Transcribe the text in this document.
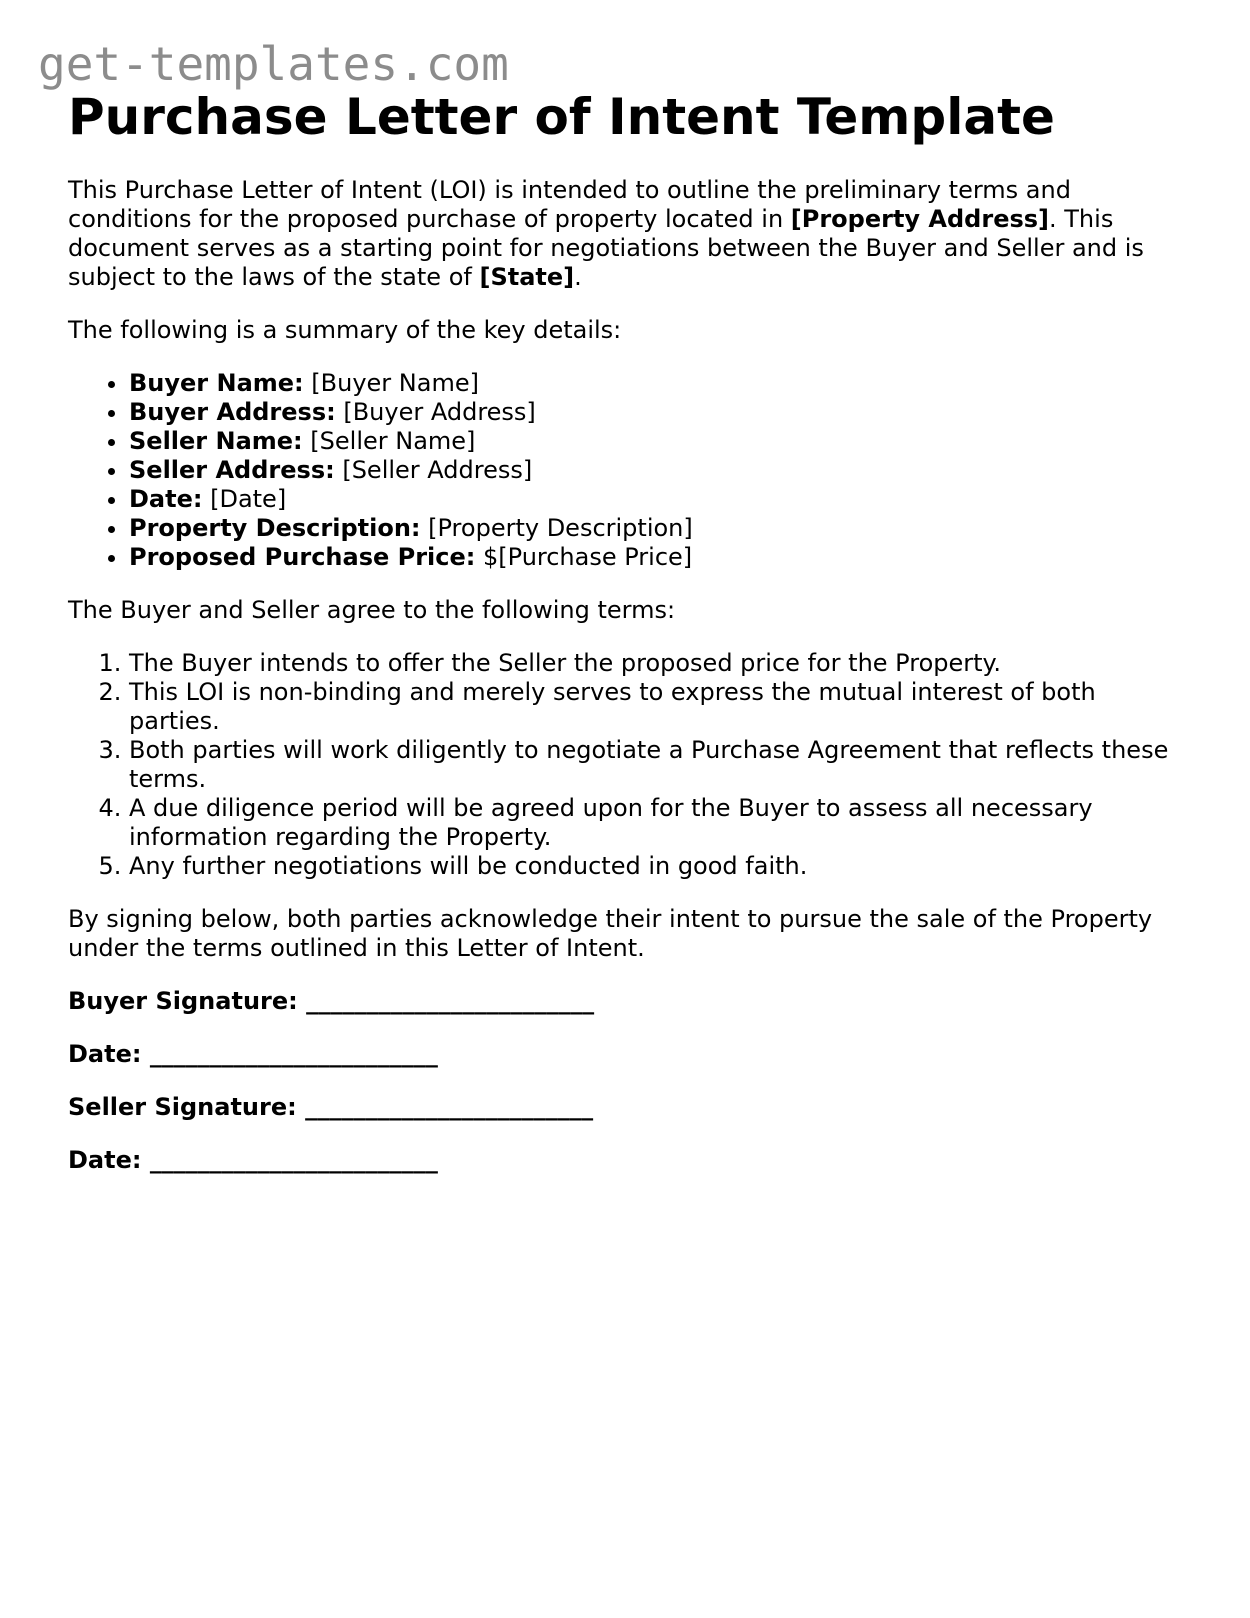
get-templates.com
Purchase Letter of Intent Template

This Purchase Letter of Intent (LOI) is intended to outline the preliminary terms and conditions for the proposed purchase of property located in [Property Address]. This document serves as a starting point for negotiations between the Buyer and Seller and is subject to the laws of the state of [State].

The following is a summary of the key details:

• Buyer Name: [Buyer Name]
• Buyer Address: [Buyer Address]
• Seller Name: [Seller Name]
• Seller Address: [Seller Address]
• Date: [Date]
• Property Description: [Property Description]
• Proposed Purchase Price: $[Purchase Price]

The Buyer and Seller agree to the following terms:

1. The Buyer intends to offer the Seller the proposed price for the Property.
2. This LOI is non-binding and merely serves to express the mutual interest of both parties.
3. Both parties will work diligently to negotiate a Purchase Agreement that reflects these terms.
4. A due diligence period will be agreed upon for the Buyer to assess all necessary information regarding the Property.
5. Any further negotiations will be conducted in good faith.

By signing below, both parties acknowledge their intent to pursue the sale of the Property under the terms outlined in this Letter of Intent.

Buyer Signature: ________________________

Date: ________________________

Seller Signature: ________________________

Date: ________________________
